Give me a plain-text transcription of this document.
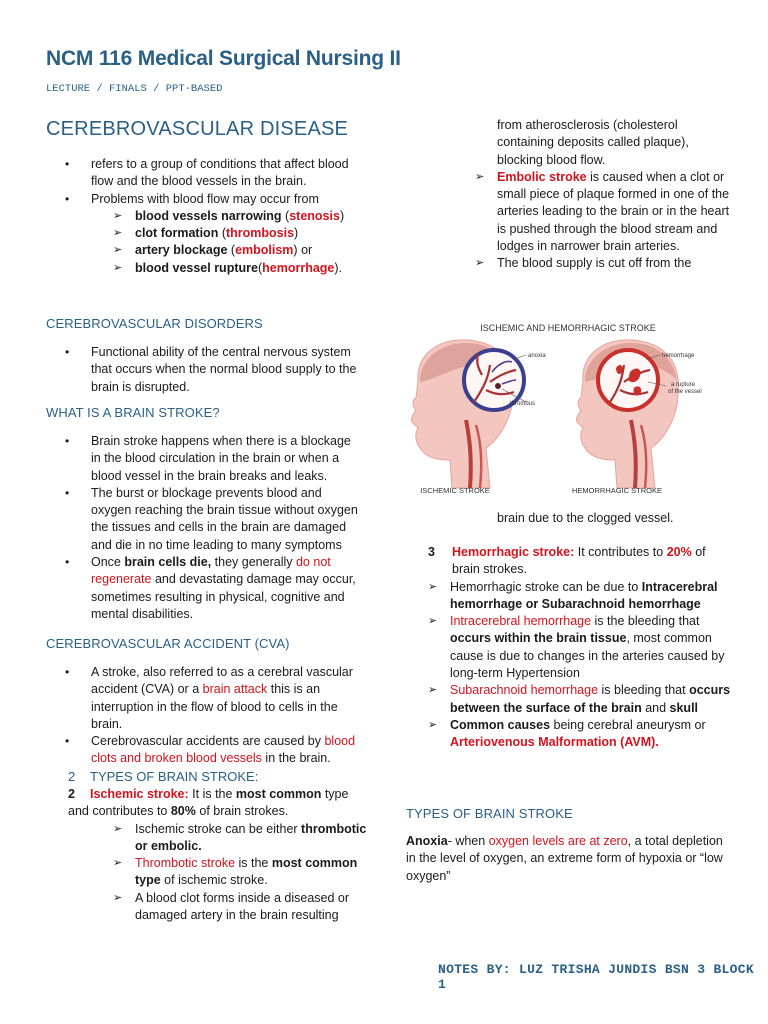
NCM 116 Medical Surgical Nursing II
LECTURE / FINALS / PPT-BASED
CEREBROVASCULAR DISEASE
• refers to a group of conditions that affect blood flow and the blood vessels in the brain.
• Problems with blood flow may occur from
➢ blood vessels narrowing (stenosis)
➢ clot formation (thrombosis)
➢ artery blockage (embolism) or
➢ blood vessel rupture(hemorrhage).
CEREBROVASCULAR DISORDERS
• Functional ability of the central nervous system that occurs when the normal blood supply to the brain is disrupted.
WHAT IS A BRAIN STROKE?
• Brain stroke happens when there is a blockage in the blood circulation in the brain or when a blood vessel in the brain breaks and leaks.
• The burst or blockage prevents blood and oxygen reaching the brain tissue without oxygen the tissues and cells in the brain are damaged and die in no time leading to many symptoms
• Once brain cells die, they generally do not regenerate and devastating damage may occur, sometimes resulting in physical, cognitive and mental disabilities.
CEREBROVASCULAR ACCIDENT (CVA)
• A stroke, also referred to as a cerebral vascular accident (CVA) or a brain attack this is an interruption in the flow of blood to cells in the brain.
• Cerebrovascular accidents are caused by blood clots and broken blood vessels in the brain.
2 TYPES OF BRAIN STROKE:
2 Ischemic stroke: It is the most common type and contributes to 80% of brain strokes.
➢ Ischemic stroke can be either thrombotic or embolic.
➢ Thrombotic stroke is the most common type of ischemic stroke.
➢ A blood clot forms inside a diseased or damaged artery in the brain resulting
from atherosclerosis (cholesterol containing deposits called plaque), blocking blood flow.
➢ Embolic stroke is caused when a clot or small piece of plaque formed in one of the arteries leading to the brain or in the heart is pushed through the blood stream and lodges in narrower brain arteries.
➢ The blood supply is cut off from the
ISCHEMIC AND HEMORRHAGIC STROKE
anoxia
thrombus
hemorrhage
a rupture
of the vessel
ISCHEMIC STROKE	HEMORRHAGIC STROKE
brain due to the clogged vessel.
3 Hemorrhagic stroke: It contributes to 20% of brain strokes.
➢ Hemorrhagic stroke can be due to Intracerebral hemorrhage or Subarachnoid hemorrhage
➢ Intracerebral hemorrhage is the bleeding that occurs within the brain tissue, most common cause is due to changes in the arteries caused by long-term Hypertension
➢ Subarachnoid hemorrhage is bleeding that occurs between the surface of the brain and skull
➢ Common causes being cerebral aneurysm or Arteriovenous Malformation (AVM).
TYPES OF BRAIN STROKE
Anoxia- when oxygen levels are at zero, a total depletion in the level of oxygen, an extreme form of hypoxia or “low oxygen”
NOTES BY: LUZ TRISHA JUNDIS BSN 3 BLOCK 1
